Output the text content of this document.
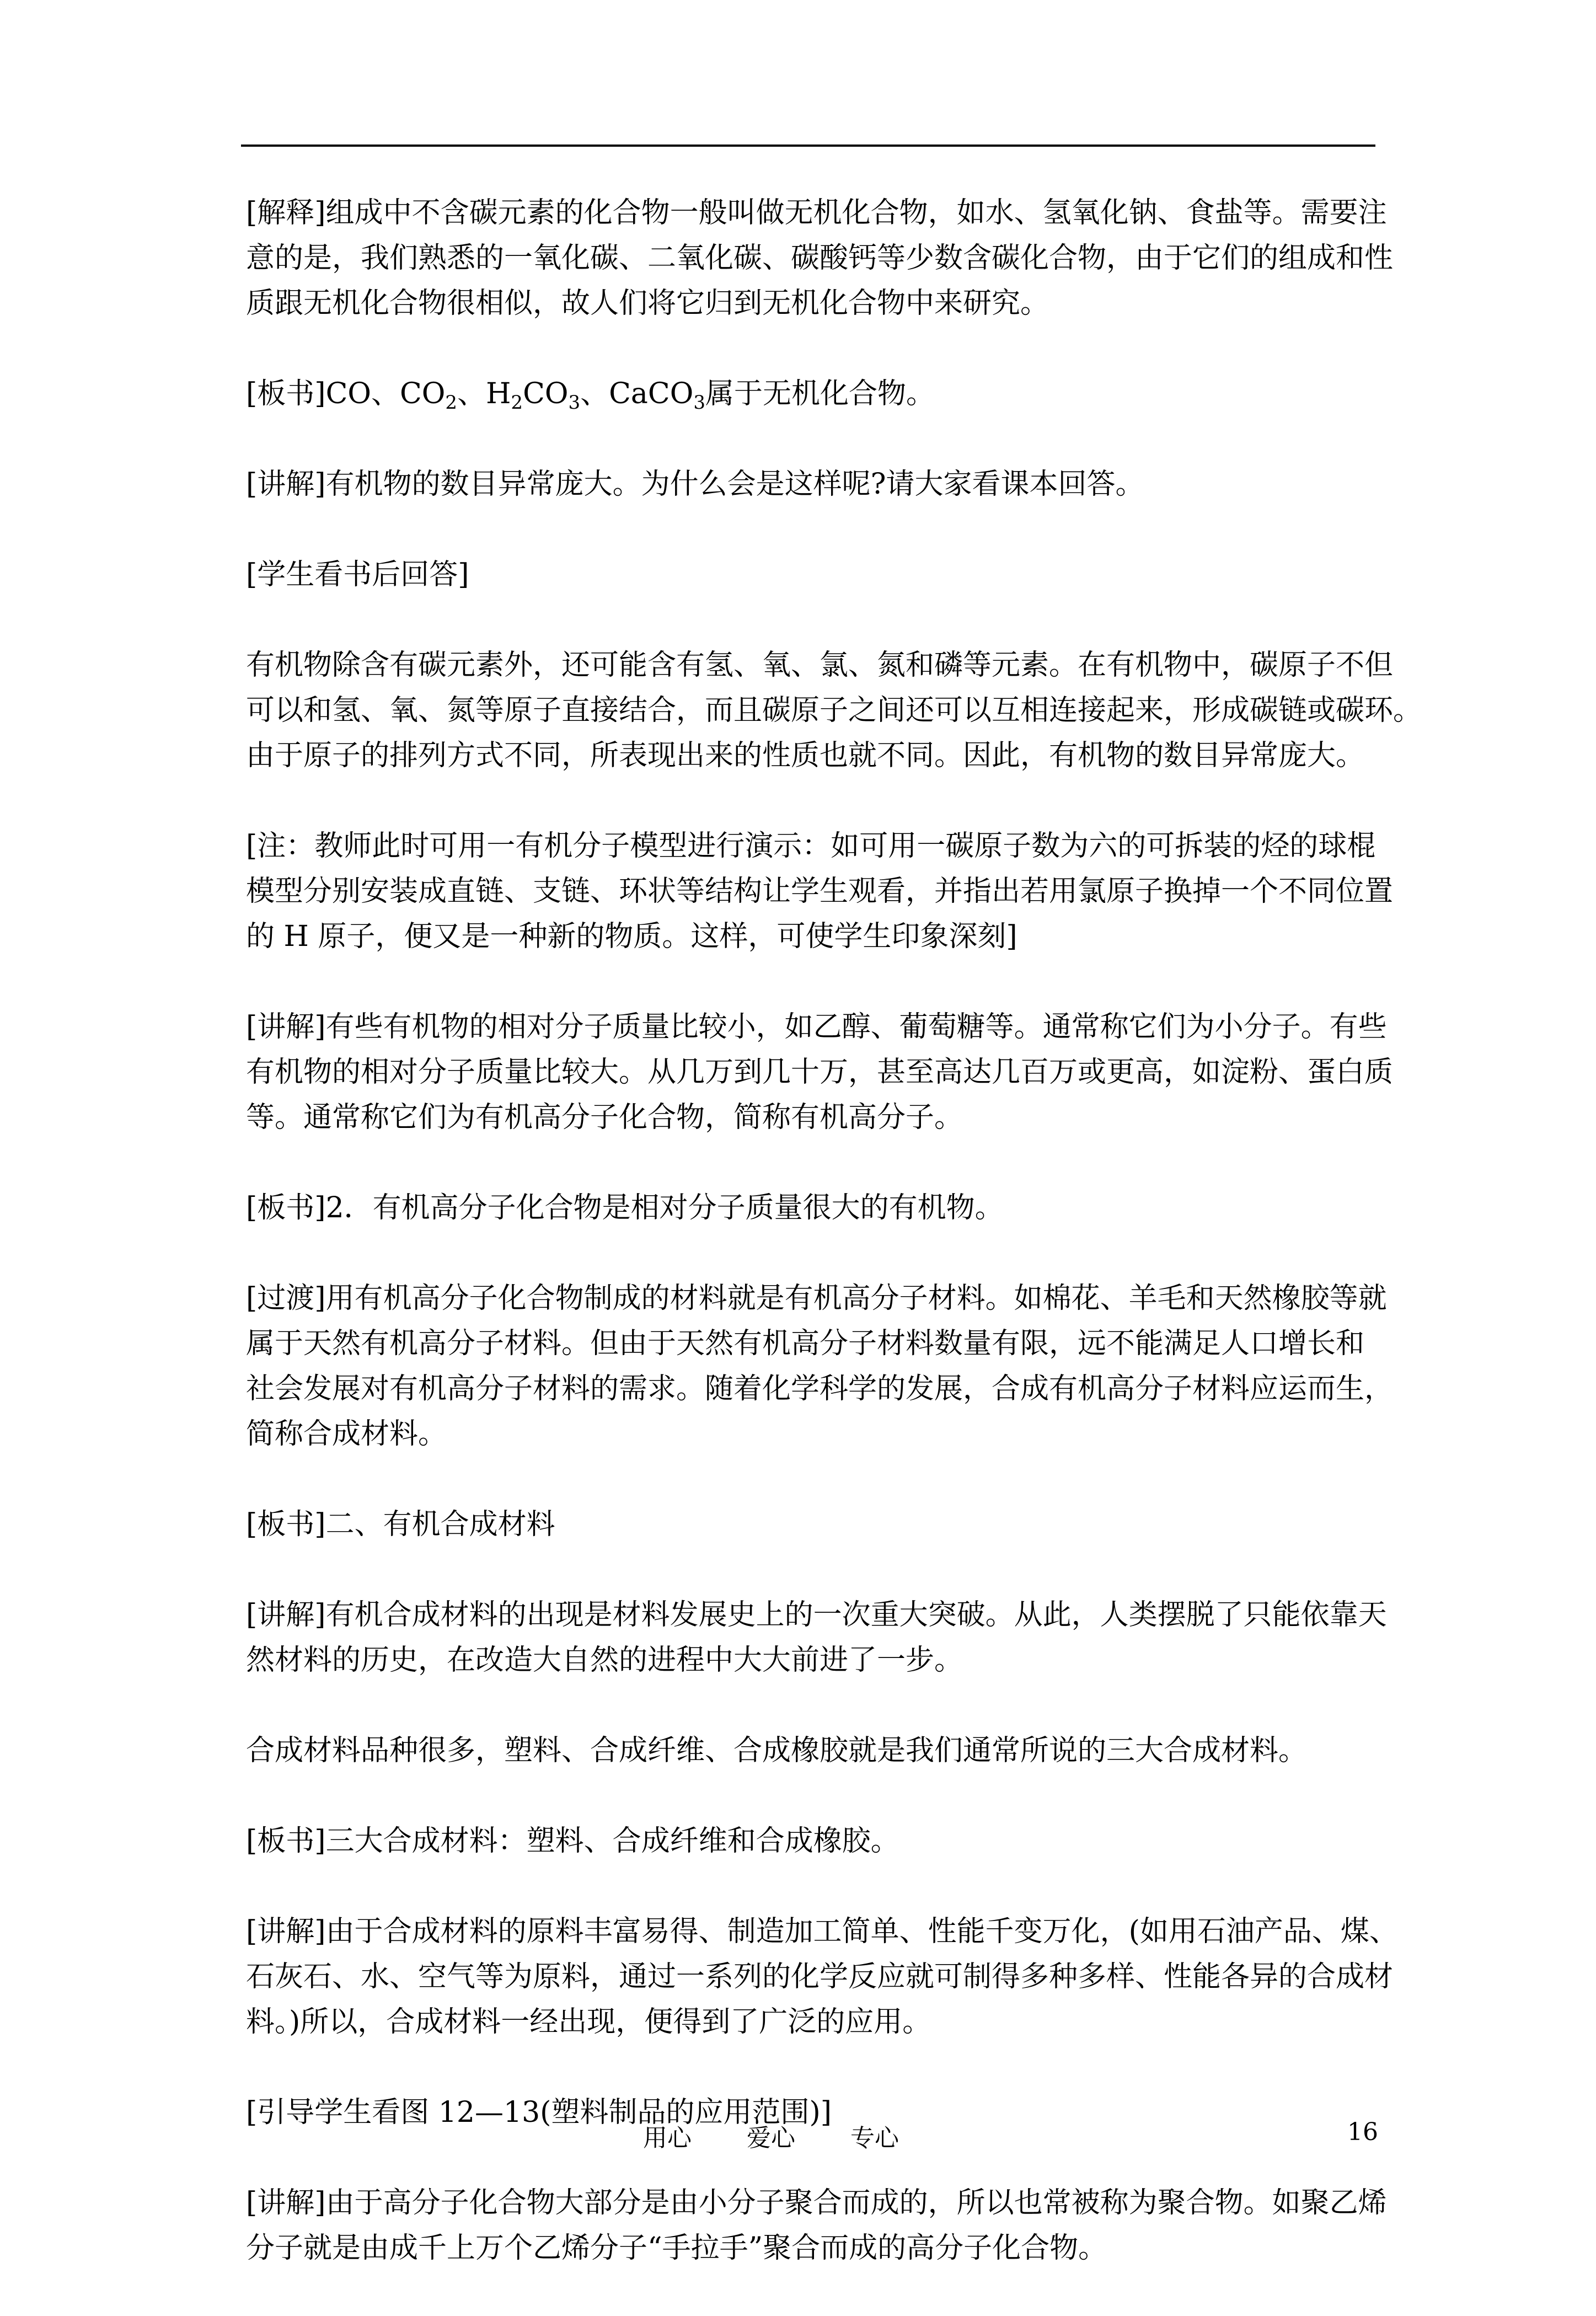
[解释]组成中不含碳元素的化合物一般叫做无机化合物，如水、氢氧化钠、食盐等。需要注
意的是，我们熟悉的一氧化碳、二氧化碳、碳酸钙等少数含碳化合物，由于它们的组成和性
质跟无机化合物很相似，故人们将它归到无机化合物中来研究。

[板书]CO、$CO_2$、$H_2CO_3$、CaCO$_3$属于无机化合物。

[讲解]有机物的数目异常庞大。为什么会是这样呢?请大家看课本回答。

[学生看书后回答]

有机物除含有碳元素外，还可能含有氢、氧、氯、氮和磷等元素。在有机物中，碳原子不但
可以和氢、氧、氮等原子直接结合，而且碳原子之间还可以互相连接起来，形成碳链或碳环。
由于原子的排列方式不同，所表现出来的性质也就不同。因此，有机物的数目异常庞大。

[注：教师此时可用一有机分子模型进行演示：如可用一碳原子数为六的可拆装的烃的球棍
模型分别安装成直链、支链、环状等结构让学生观看，并指出若用氯原子换掉一个不同位置
的 H 原子，便又是一种新的物质。这样，可使学生印象深刻]

[讲解]有些有机物的相对分子质量比较小，如乙醇、葡萄糖等。通常称它们为小分子。有些
有机物的相对分子质量比较大。从几万到几十万，甚至高达几百万或更高，如淀粉、蛋白质
等。通常称它们为有机高分子化合物，简称有机高分子。

[板书]2．有机高分子化合物是相对分子质量很大的有机物。

[过渡]用有机高分子化合物制成的材料就是有机高分子材料。如棉花、羊毛和天然橡胶等就
属于天然有机高分子材料。但由于天然有机高分子材料数量有限，远不能满足人口增长和
社会发展对有机高分子材料的需求。随着化学科学的发展，合成有机高分子材料应运而生，
简称合成材料。

[板书]二、有机合成材料

[讲解]有机合成材料的出现是材料发展史上的一次重大突破。从此，人类摆脱了只能依靠天
然材料的历史，在改造大自然的进程中大大前进了一步。

合成材料品种很多，塑料、合成纤维、合成橡胶就是我们通常所说的三大合成材料。

[板书]三大合成材料：塑料、合成纤维和合成橡胶。

[讲解]由于合成材料的原料丰富易得、制造加工简单、性能千变万化，(如用石油产品、煤、
石灰石、水、空气等为原料，通过一系列的化学反应就可制得多种多样、性能各异的合成材
料。)所以，合成材料一经出现，便得到了广泛的应用。

[引导学生看图 12—13(塑料制品的应用范围)]

[讲解]由于高分子化合物大部分是由小分子聚合而成的，所以也常被称为聚合物。如聚乙烯
分子就是由成千上万个乙烯分子“手拉手”聚合而成的高分子化合物。

用心 爱心 专心	16
